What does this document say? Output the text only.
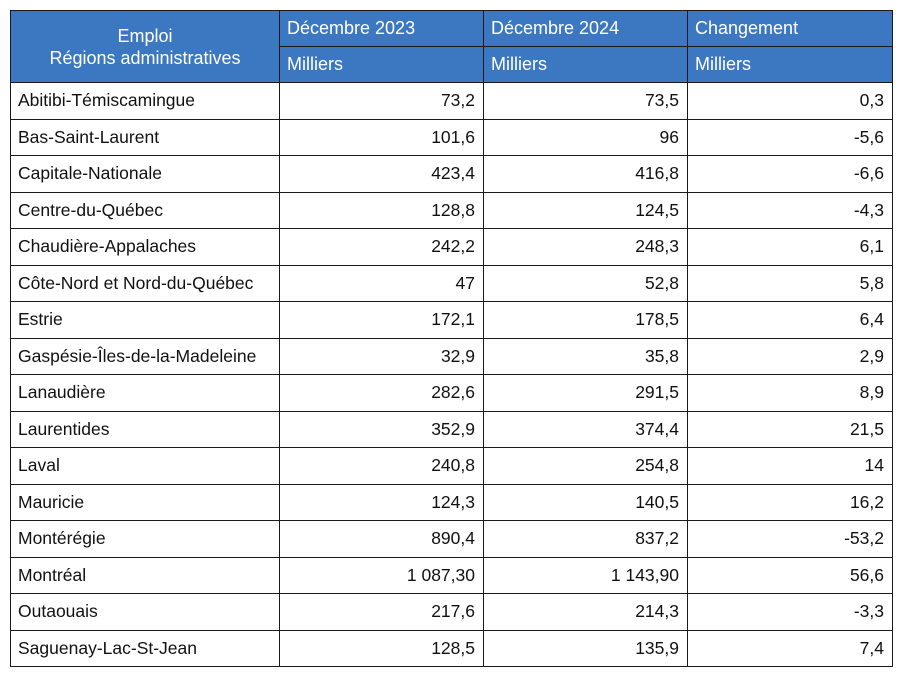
Emploi
Régions administratives	Décembre 2023	Décembre 2024	Changement
	Milliers	Milliers	Milliers
Abitibi-Témiscamingue	73,2	73,5	0,3
Bas-Saint-Laurent	101,6	96	-5,6
Capitale-Nationale	423,4	416,8	-6,6
Centre-du-Québec	128,8	124,5	-4,3
Chaudière-Appalaches	242,2	248,3	6,1
Côte-Nord et Nord-du-Québec	47	52,8	5,8
Estrie	172,1	178,5	6,4
Gaspésie-Îles-de-la-Madeleine	32,9	35,8	2,9
Lanaudière	282,6	291,5	8,9
Laurentides	352,9	374,4	21,5
Laval	240,8	254,8	14
Mauricie	124,3	140,5	16,2
Montérégie	890,4	837,2	-53,2
Montréal	1 087,30	1 143,90	56,6
Outaouais	217,6	214,3	-3,3
Saguenay-Lac-St-Jean	128,5	135,9	7,4
